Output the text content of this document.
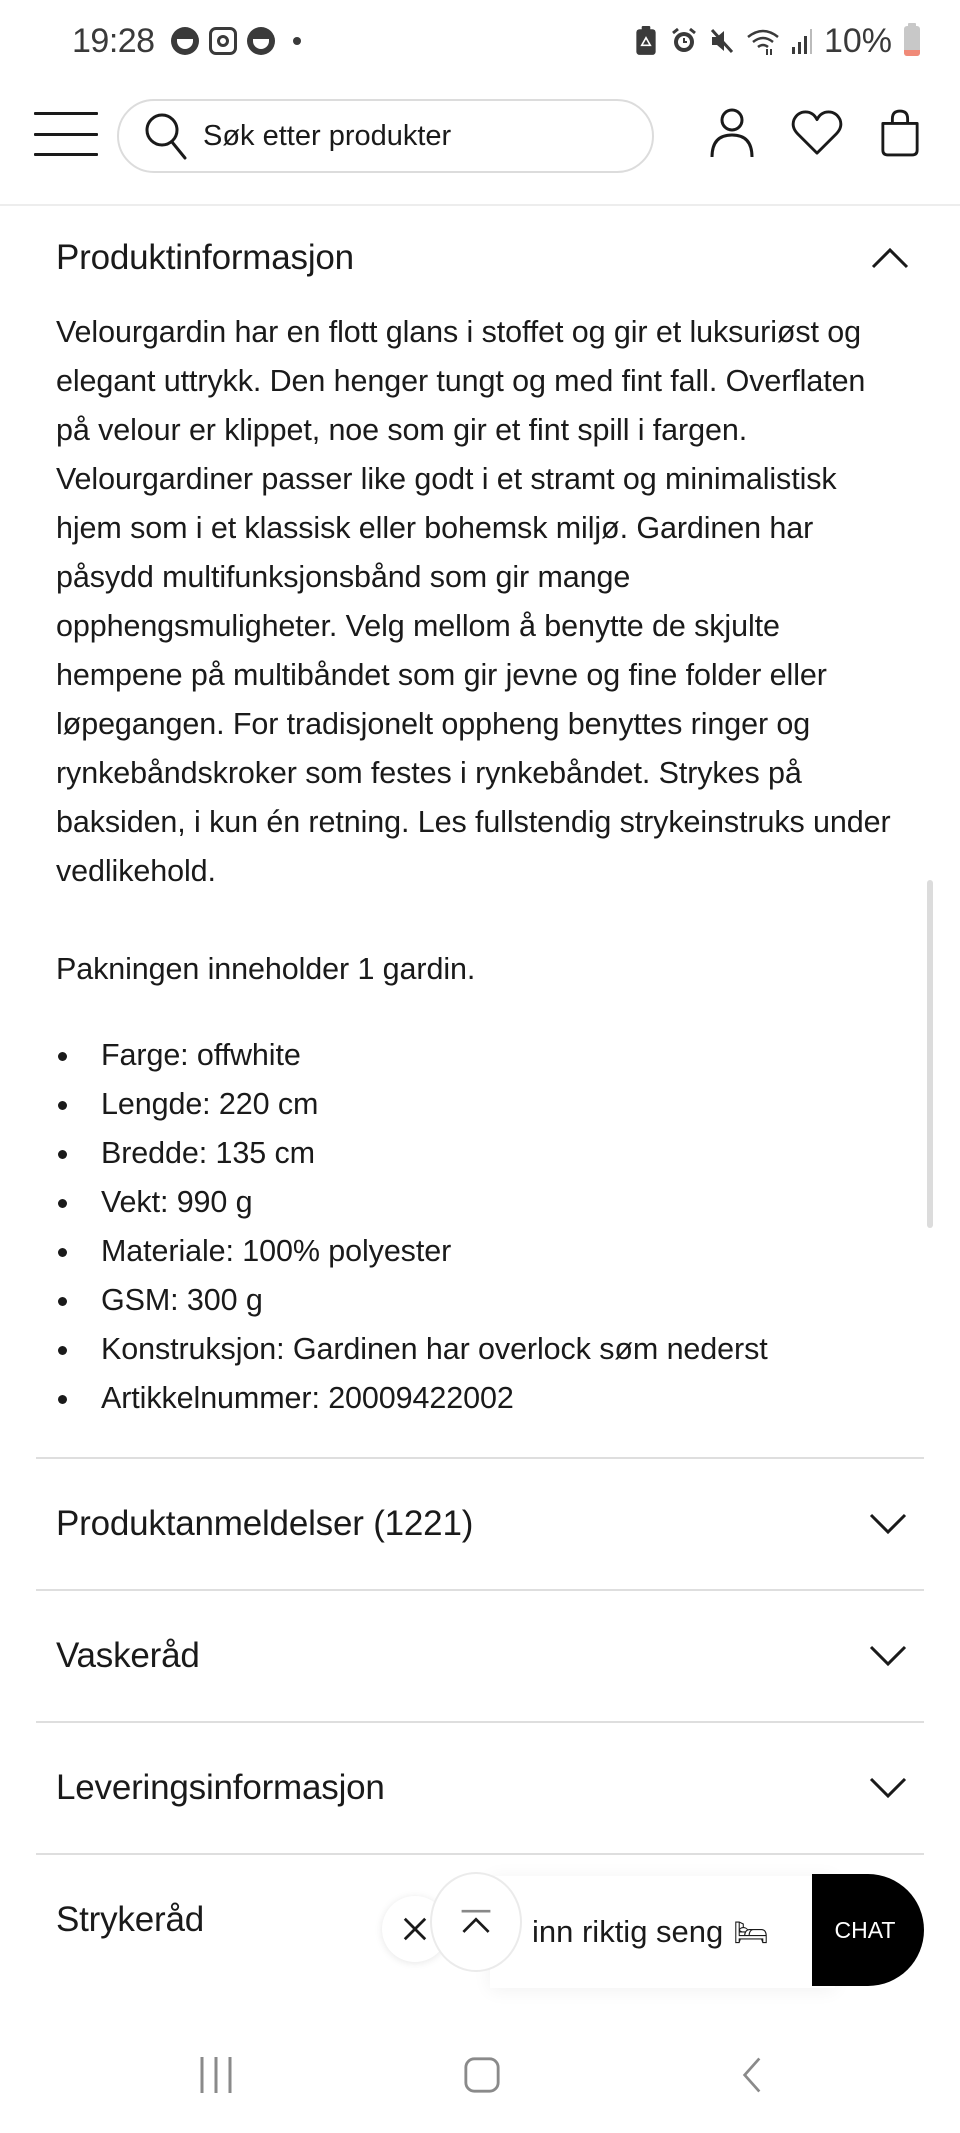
19:28	10%
Søk etter produkter
Produktinformasjon

Velourgardin har en flott glans i stoffet og gir et luksuriøst og elegant uttrykk. Den henger tungt og med fint fall. Overflaten på velour er klippet, noe som gir et fint spill i fargen. Velourgardiner passer like godt i et stramt og minimalistisk hjem som i et klassisk eller bohemsk miljø. Gardinen har påsydd multifunksjonsbånd som gir mange opphengsmuligheter. Velg mellom å benytte de skjulte hempene på multibåndet som gir jevne og fine folder eller løpegangen. For tradisjonelt oppheng benyttes ringer og rynkebåndskroker som festes i rynkebåndet. Strykes på baksiden, i kun én retning. Les fullstendig strykeinstruks under vedlikehold.

Pakningen inneholder 1 gardin.

Farge: offwhite
Lengde: 220 cm
Bredde: 135 cm
Vekt: 990 g
Materiale: 100% polyester
GSM: 300 g
Konstruksjon: Gardinen har overlock søm nederst
Artikkelnummer: 20009422002
Produktanmeldelser (1221)
Vaskeråd
Leveringsinformasjon
Strykeråd	inn riktig seng 🛏	CHAT
